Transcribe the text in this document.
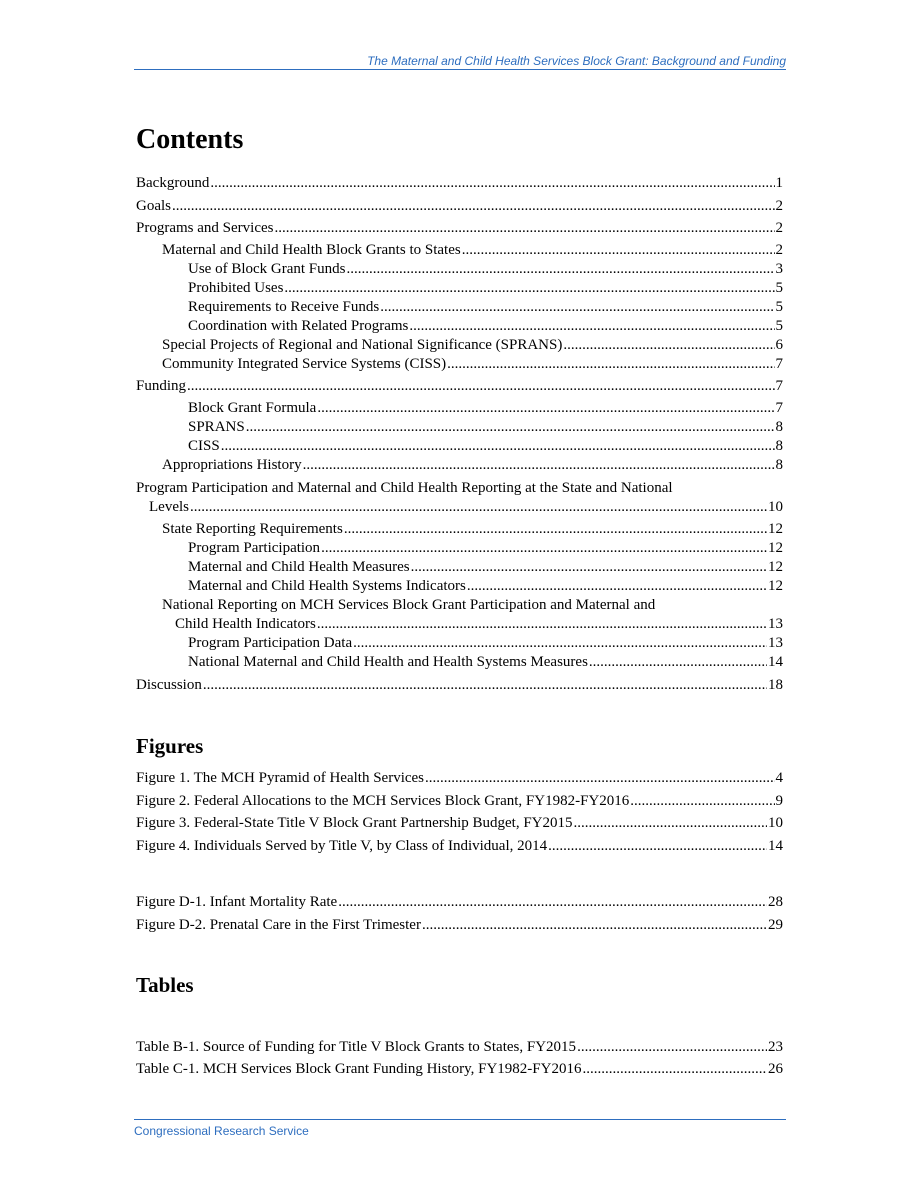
The Maternal and Child Health Services Block Grant: Background and Funding
Contents
Background .....	1
Goals .....	2
Programs and Services .....	2
Maternal and Child Health Block Grants to States .....	2
Use of Block Grant Funds .....	3
Prohibited Uses .....	5
Requirements to Receive Funds .....	5
Coordination with Related Programs .....	5
Special Projects of Regional and National Significance (SPRANS) .....	6
Community Integrated Service Systems (CISS) .....	7
Funding .....	7
Block Grant Formula .....	7
SPRANS .....	8
CISS .....	8
Appropriations History .....	8
Program Participation and Maternal and Child Health Reporting at the State and National
Levels .....	10
State Reporting Requirements .....	12
Program Participation .....	12
Maternal and Child Health Measures .....	12
Maternal and Child Health Systems Indicators .....	12
National Reporting on MCH Services Block Grant Participation and Maternal and
Child Health Indicators .....	13
Program Participation Data .....	13
National Maternal and Child Health and Health Systems Measures .....	14
Discussion .....	18
Figures
Figure 1. The MCH Pyramid of Health Services .....	4
Figure 2. Federal Allocations to the MCH Services Block Grant, FY1982-FY2016 .....	9
Figure 3. Federal-State Title V Block Grant Partnership Budget, FY2015 .....	10
Figure 4. Individuals Served by Title V, by Class of Individual, 2014 .....	14
Figure D-1. Infant Mortality Rate .....	28
Figure D-2. Prenatal Care in the First Trimester .....	29
Tables
Table B-1. Source of Funding for Title V Block Grants to States, FY2015 .....	23
Table C-1. MCH Services Block Grant Funding History, FY1982-FY2016 .....	26
Congressional Research Service
